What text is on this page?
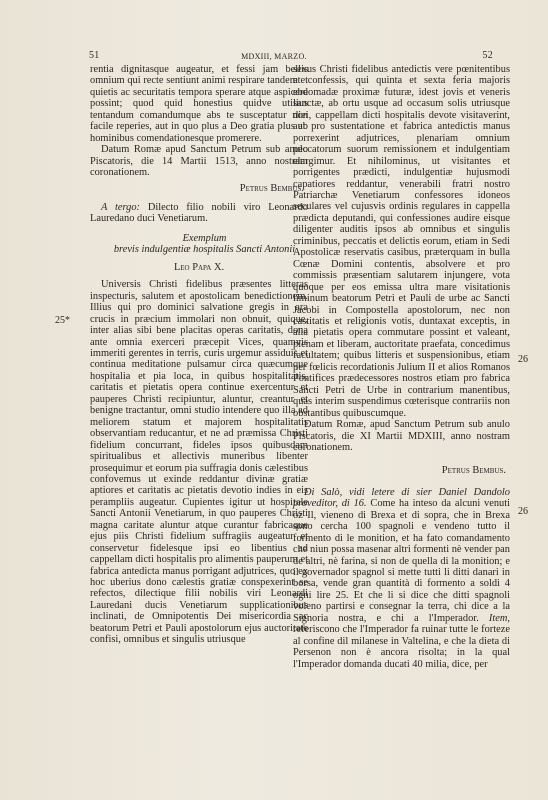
51	MDXIII, MARZO.	52

rentia dignitasque augeatur, et fessi jam bellis omnium qui recte sentiunt animi respirare tandem et quietis ac securitatis tempora sperare atque aspicere possint; quod quid honestius quidve utilius tentandum comandumque abs te susceptatur non facile reperies, aut in quo plus a Deo gratia plus ab hominibus comendationesque promerere.

Datum Romæ apud Sanctum Petrum sub anulo Piscatoris, die 14 Martii 1513, anno nostram coronationem.

Petrus Bembus.

A tergo: Dilecto filio nobili viro Leonardo Lauredano duci Venetiarum.

Exemplum

brevis indulgentiæ hospitalis Sancti Antonii

Leo Papa X.

Universis Christi fidelibus præsentes litteras inspecturis, salutem et apostolicam benedictionem. Illius qui pro dominici salvatione gregis in ara crucis in præcium immolari non obnuit, quique, inter alias sibi bene placitas operas caritatis, dona ante omnia exerceri præcepit Vices, quamvis immeriti gerentes in terris, curis urgemur assiduis et continua meditatione pulsamur circa quæcumque hospitalia et pia loca, in quibus hospitalitatis, caritatis et pietatis opera continue exercentur et pauperes Christi recipiuntur, aluntur, creantur et benigne tractantur, omni studio intendere quo illa ad meliorem statum et majorem hospitalitatis observantiam reducantur, et ne ad præmissa Christi fidelium concurrant, fideles ipsos quibusdam spiritualibus et allectivis muneribus libenter prosequimur et eorum pia suffragia donis cælestibus confovemus ut exinde reddantur divinæ gratiæ aptiores et caritatis ac pietatis devotio indies in eis perampliis augeatur. Cupientes igitur ut hospitale Sancti Antonii Venetiarum, in quo pauperes Christi magna caritate aluntur atque curantur fabricaque ejus piis Christi fidelium suffragiis augeatur et conservetur fidelesque ipsi eo libentius ad cappellam dicti hospitalis pro alimentis pauperum et fabrica antedicta manus porrigant adjutrices, quo ex hoc uberius dono cælestis gratiæ conspexerint se refectos, dilectique filii nobilis viri Leonardi Lauredani ducis Venetiarum supplicationibus inclinati, de Omnipotentis Dei misericordia ac beatorum Petri et Pauli apostolorum ejus auctoritate confisi, omnibus et singulis utriusque

25*

sexus Christi fidelibus antedictis vere pœnitentibus et confessis, qui quinta et sexta feria majoris ebdomadæ proximæ futuræ, idest jovis et veneris sanctæ, ab ortu usque ad occasum solis utriusque diei, cappellam dicti hospitalis devote visitaverint, aut pro sustentatione et fabrica antedictis manus porrexerint adjutrices, plenariam omnium peccatorum suorum remissionem et indulgentiam elargimur. Et nihilominus, ut visitantes et porrigentes prædicti, indulgentiæ hujusmodi capatiores reddantur, venerabili fratri nostro Patriarchæ Venetiarum confessores idoneos seculares vel cujusvis ordinis regulares in cappella prædicta deputandi, qui confessiones audire eisque diligenter auditis ipsos ab omnibus et singulis criminibus, peccatis et delictis eorum, etiam in Sedi Apostolicæ reservatis casibus, præterquam in bulla Cœnæ Domini contentis, absolvere et pro commissis præsentiam salutarem injungere, vota quoque per eos emissa ultra mare visitationis liminum beatorum Petri et Pauli de urbe ac Sancti Jacobi in Compostella apostolorum, nec non castitatis et religionis votis, duntaxat exceptis, in alia pietatis opera commutare possint et valeant, plenam et liberam, auctoritate praefata, concedimus facultatem; quibus litteris et suspensionibus, etiam per fœlicis recordationis Julium II et alios Romanos Pontifices prædecessores nostros etiam pro fabrica Sancti Petri de Urbe in contrarium manentibus, quas interim suspendimus cœterisque contrariis non obstantibus quibuscumque.

Datum Romæ, apud Sanctum Petrum sub anulo Piscatoris, die XI Martii MDXIII, anno nostram coronationem.

Petrus Bembus.

Di Salò, vidi letere di sier Daniel Dandolo proveditor, di 16. Come ha inteso da alcuni venuti oz Il, vieneno di Brexa et di sopra, che in Brexa sono cercha 100 spagnoli e vendeno tutto il formento di le monition, et ha fato comandamento che niun possa masenar altri formenti nè vender pan de altri, nè farina, si non de quella di la monition; e il governador spagnol si mette tutti li ditti danari in borsa, vende gran quantità di formento a soldi 4 ogni lire 25. Et che li si dice che ditti spagnoli voleno partirsi e consegnar la terra, chi dice a la Signoria nostra, e chi a l'Imperador. Item, referiscono che l'Imperador fa ruinar tutte le forteze al confine dil milanese in Valtelina, e che la dieta di Persenon non è ancora risolta; in la qual l'Imperador domanda ducati 40 milia, dice, per

26
26
